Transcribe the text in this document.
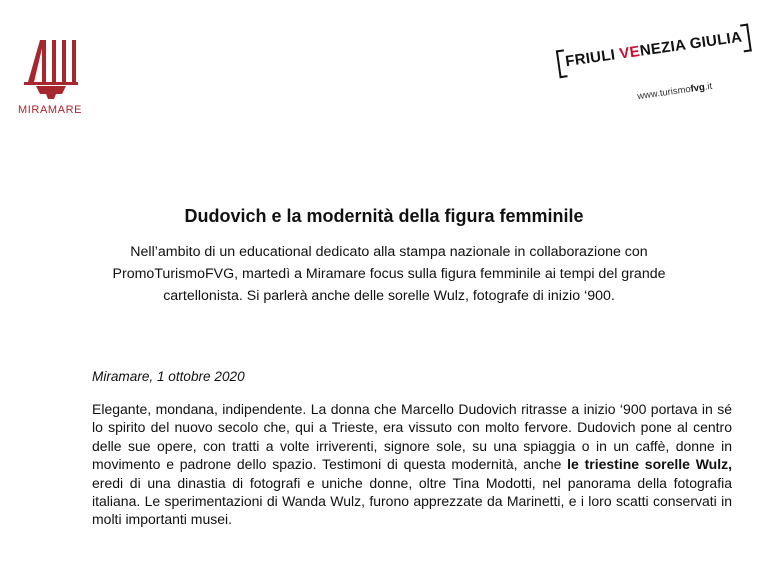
MIRAMARE
FRIULI VENEZIA GIULIA
www.turismofvg.it
Dudovich e la modernità della figura femminile

Nell’ambito di un educational dedicato alla stampa nazionale in collaborazione con PromoTurismoFVG, martedì a Miramare focus sulla figura femminile ai tempi del grande cartellonista. Si parlerà anche delle sorelle Wulz, fotografe di inizio ‘900.

Miramare, 1 ottobre 2020

Elegante, mondana, indipendente. La donna che Marcello Dudovich ritrasse a inizio ‘900 portava in sé lo spirito del nuovo secolo che, qui a Trieste, era vissuto con molto fervore. Dudovich pone al centro delle sue opere, con tratti a volte irriverenti, signore sole, su una spiaggia o in un caffè, donne in movimento e padrone dello spazio. Testimoni di questa modernità, anche le triestine sorelle Wulz, eredi di una dinastia di fotografi e uniche donne, oltre Tina Modotti, nel panorama della fotografia italiana. Le sperimentazioni di Wanda Wulz, furono apprezzate da Marinetti, e i loro scatti conservati in molti importanti musei.
